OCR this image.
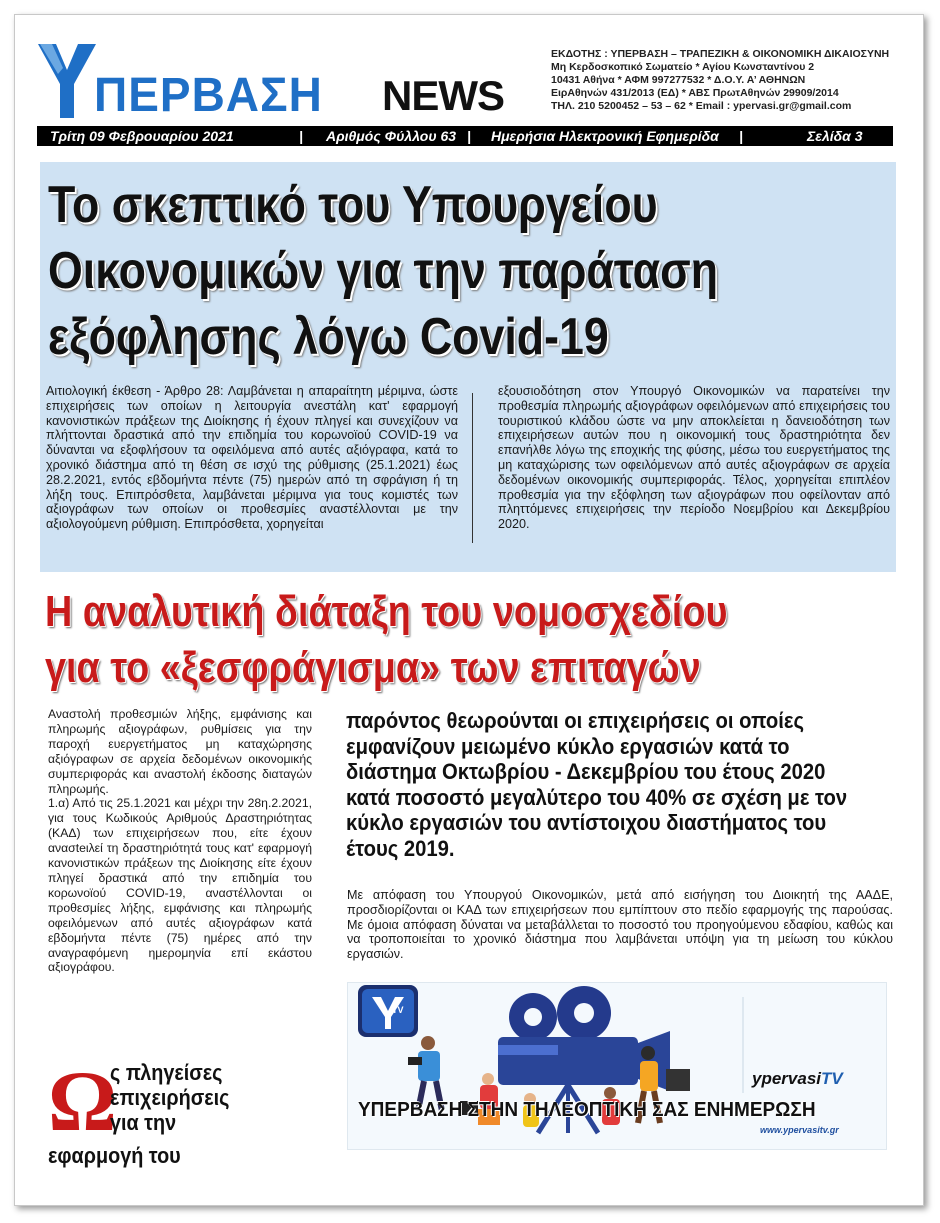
ΠΕΡΒΑΣΗ NEWS
ΕΚΔΟΤΗΣ : ΥΠΕΡΒΑΣΗ – ΤΡΑΠΕΖΙΚΗ & ΟΙΚΟΝΟΜΙΚΗ ΔΙΚΑΙΟΣΥΝΗ
Μη Κερδοσκοπικό Σωματείο * Αγίου Κωνσταντίνου 2
10431 Αθήνα * ΑΦΜ 997277532 * Δ.Ο.Υ. Α’ ΑΘΗΝΩΝ
ΕιρΑθηνών 431/2013 (ΕΔ) * ΑΒΣ ΠρωτΑθηνών 29909/2014
ΤΗΛ. 210 5200452 – 53 – 62 * Email : ypervasi.gr@gmail.com
Τρίτη 09 Φεβρουαρίου 2021	| Αριθμός Φύλλου 63 | Ημερήσια Ηλεκτρονική Εφημερίδα |	Σελίδα 3
Το σκεπτικό του Υπουργείου
Οικονομικών για την παράταση
εξόφλησης λόγω Covid-19
Αιτιολογική έκθεση - Άρθρο 28: Λαμβάνεται η απαραίτητη μέριμνα, ώστε επιχειρήσεις των οποίων η λειτουργία ανεστάλη κατ' εφαρμογή κανονιστικών πράξεων της Διοίκησης ή έχουν πληγεί και συνεχίζουν να πλήττονται δραστικά από την επιδημία του κορωνοϊού COVID-19 να δύνανται να εξοφλήσουν τα οφειλόμενα από αυτές αξιόγραφα, κατά το χρονικό διάστημα από τη θέση σε ισχύ της ρύθμισης (25.1.2021) έως 28.2.2021, εντός εβδομήντα πέντε (75) ημερών από τη σφράγιση ή τη λήξη τους. Επιπρόσθετα, λαμβάνεται μέριμνα για τους κομιστές των αξιογράφων των οποίων οι προθεσμίες αναστέλλονται με την αξιολογούμενη ρύθμιση. Επιπρόσθετα, χορηγείται
εξουσιοδότηση στον Υπουργό Οικονομικών να παρατείνει την προθεσμία πληρωμής αξιογράφων οφειλόμενων από επιχειρήσεις του τουριστικού κλάδου ώστε να μην αποκλείεται η δανειοδότηση των επιχειρήσεων αυτών που η οικονομική τους δραστηριότητα δεν επανήλθε λόγω της εποχικής της φύσης, μέσω του ευεργετήματος της μη καταχώρισης των οφειλόμενων από αυτές αξιογράφων σε αρχεία δεδομένων οικονομικής συμπεριφοράς. Τέλος, χορηγείται επιπλέον προθεσμία για την εξόφληση των αξιογράφων που οφείλονταν από πληττόμενες επιχειρήσεις την περίοδο Νοεμβρίου και Δεκεμβρίου 2020.
Η αναλυτική διάταξη του νομοσχεδίου
για το «ξεσφράγισμα» των επιταγών
Αναστολή προθεσμιών λήξης, εμφάνισης και πληρωμής αξιογράφων, ρυθμίσεις για την παροχή ευεργετήματος μη καταχώρησης αξιόγραφων σε αρχεία δεδομένων οικονομικής συμπεριφοράς και αναστολή έκδοσης διαταγών πληρωμής.
1.α) Από τις 25.1.2021 και μέχρι την 28η.2.2021, για τους Κωδικούς Αριθμούς Δραστηριότητας (ΚΑΔ) των επιχειρήσεων που, είτε έχουν ανασteιλεί τη δραστηριότητά τους κατ' εφαρμογή κανονιστικών πράξεων της Διοίκησης είτε έχουν πληγεί δραστικά από την επιδημία του κορωνοϊού COVID-19, αναστέλλονται οι προθεσμίες λήξης, εμφάνισης και πληρωμής οφειλόμενων από αυτές αξιογράφων κατά εβδομήντα πέντε (75) ημέρες από την αναγραφόμενη ημερομηνία επί εκάστου αξιογράφου.
Ω
ς πληγείσες
επιχειρήσεις
για την
εφαρμογή του
παρόντος θεωρούνται οι επιχειρήσεις οι οποίες εμφανίζουν μειωμένο κύκλο εργασιών κατά το διάστημα Οκτωβρίου - Δεκεμβρίου του έτους 2020 κατά ποσοστό μεγαλύτερο του 40% σε σχέση με τον κύκλο εργασιών του αντίστοιχου διαστήματος του έτους 2019.
Με απόφαση του Υπουργού Οικονομικών, μετά από εισήγηση του Διοικητή της ΑΑΔΕ, προσδιορίζονται οι ΚΑΔ των επιχειρήσεων που εμπίπτουν στο πεδίο εφαρμογής της παρούσας. Με όμοια απόφαση δύναται να μεταβάλλεται το ποσοστό του προηγούμενου εδαφίου, καθώς και να τροποποιείται το χρονικό διάστημα που λαμβάνεται υπόψη για τη μείωση του κύκλου εργασιών.
TV
ypervasiTV
ΥΠΕΡΒΑΣΗ ΣΤΗΝ ΤΗΛΕΟΠΤΙΚΗ ΣΑΣ ΕΝΗΜΕΡΩΣΗ
www.ypervasitv.gr
